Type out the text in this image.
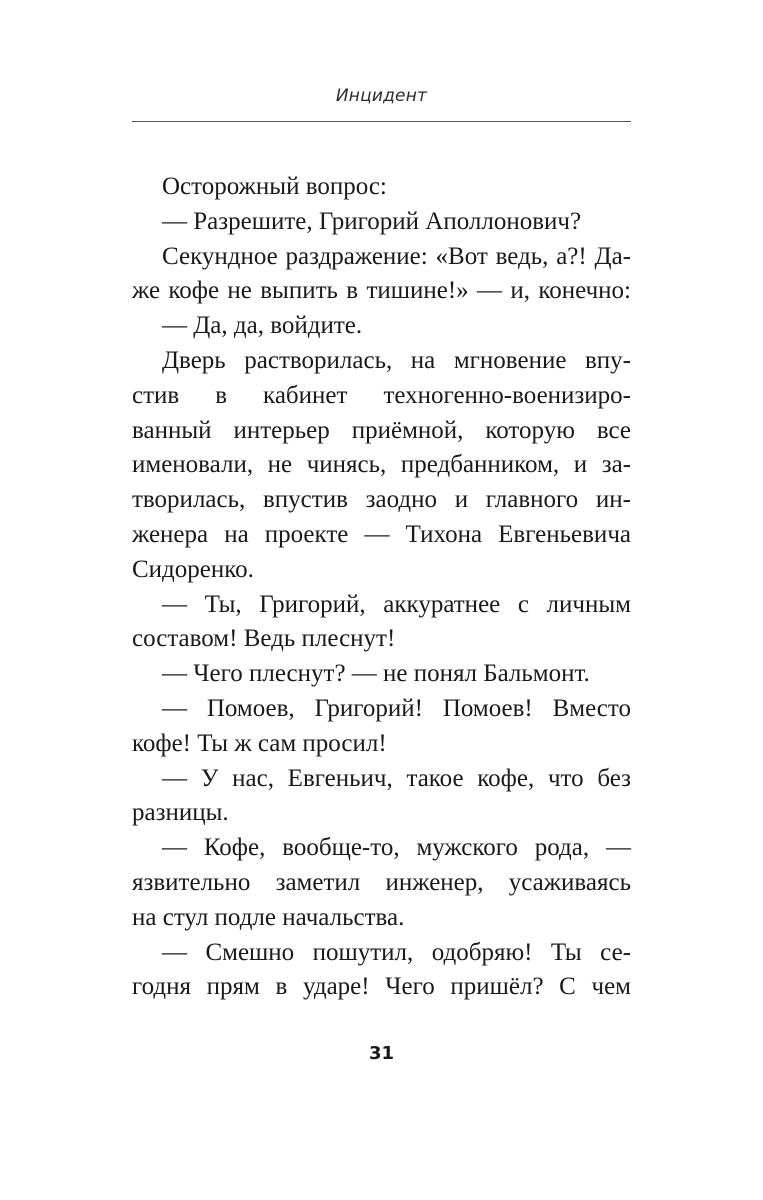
Инцидент
Осторожный вопрос:
— Разрешите, Григорий Аполлонович?
Секундное раздражение: «Вот ведь, а?! Да-
же кофе не выпить в тишине!» — и, конечно:
— Да, да, войдите.
Дверь растворилась, на мгновение впу-
стив в кабинет техногенно-военизиро-
ванный интерьер приёмной, которую все
именовали, не чинясь, предбанником, и за-
творилась, впустив заодно и главного ин-
женера на проекте — Тихона Евгеньевича
Сидоренко.
— Ты, Григорий, аккуратнее с личным
составом! Ведь плеснут!
— Чего плеснут? — не понял Бальмонт.
— Помоев, Григорий! Помоев! Вместо
кофе! Ты ж сам просил!
— У нас, Евгеньич, такое кофе, что без
разницы.
— Кофе, вообще-то, мужского рода, —
язвительно заметил инженер, усаживаясь
на стул подле начальства.
— Смешно пошутил, одобряю! Ты се-
годня прям в ударе! Чего пришёл? С чем
31
